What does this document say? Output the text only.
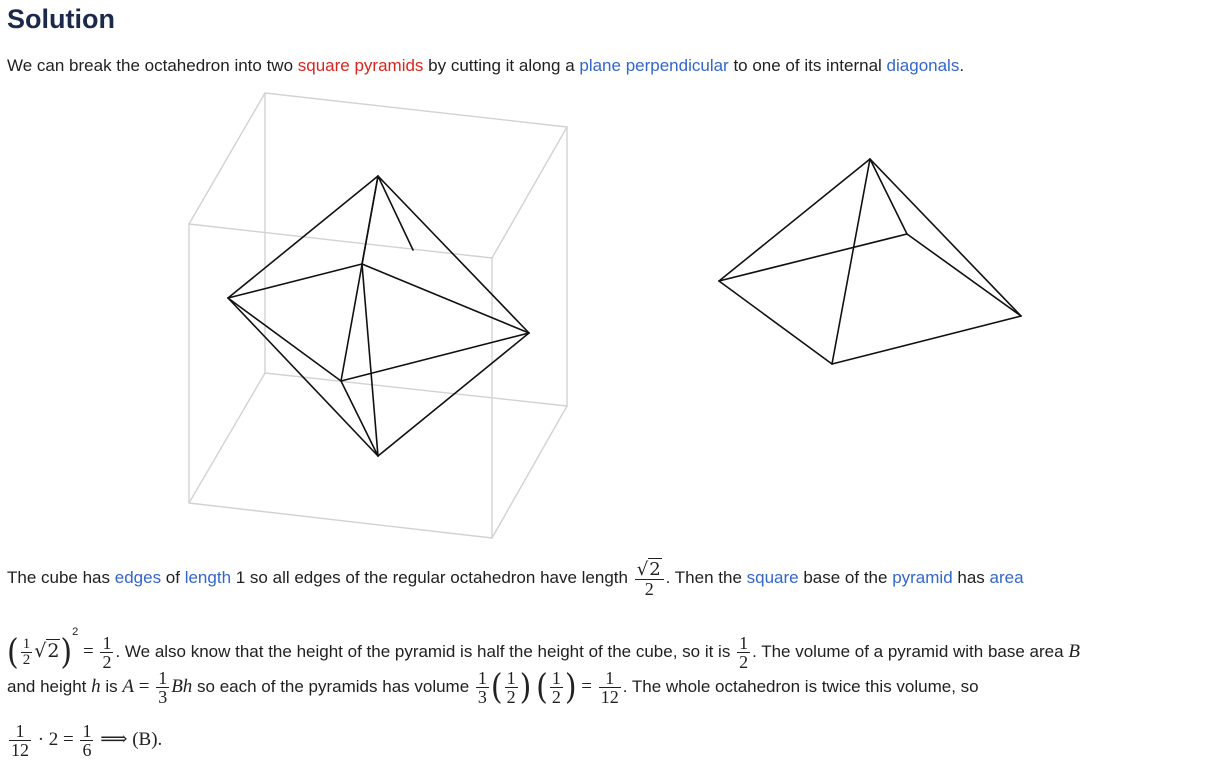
Solution
We can break the octahedron into two square pyramids by cutting it along a plane perpendicular to one of its internal diagonals.
The cube has edges of length 1 so all edges of the regular octahedron have length $\frac{√2}{2}$ . Then the square base of the pyramid has area
( $\frac{1}{2} √2)^2 = \frac{1}{2}$ . We also know that the height of the pyramid is half the height of the cube, so it is $\frac{1}{2}$ . The volume of a pyramid with base area B
and height h is $A = \frac{1}{3}$ Bh so each of the pyramids has volume $\frac{1}{3}$ ( $\frac{1}{2}$ ) ( $\frac{1}{2}$ ) = $\frac{1}{12}$ . The whole octahedron is twice this volume, so
$\frac{1}{12} \cdot 2 = \frac{1}{6}$ ⟹ (B).
